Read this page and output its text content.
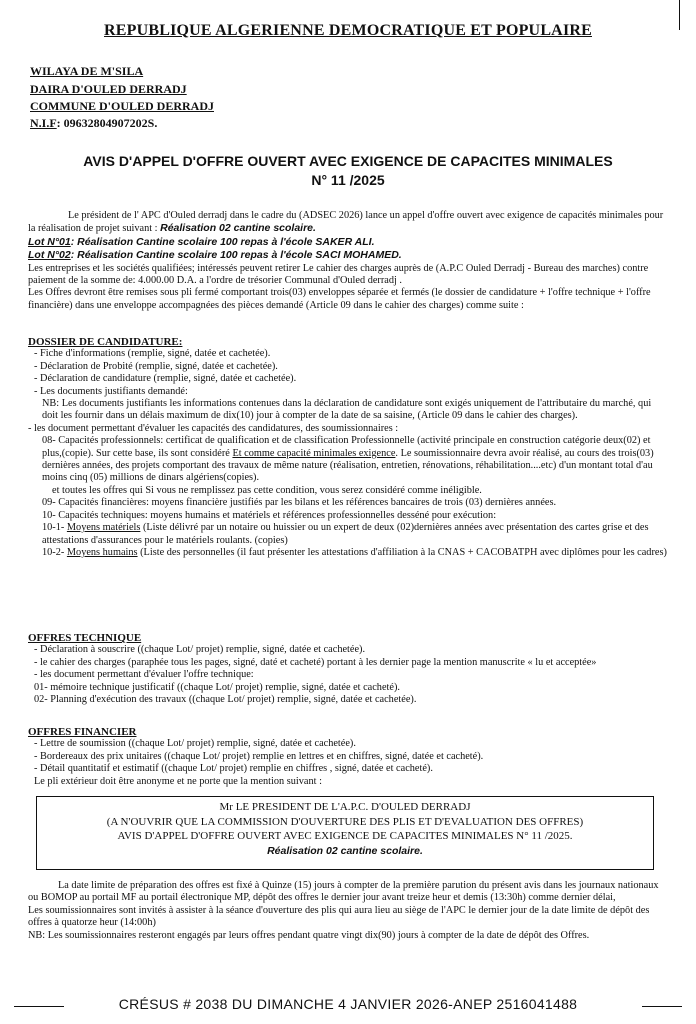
REPUBLIQUE ALGERIENNE DEMOCRATIQUE ET POPULAIRE
WILAYA DE M'SILA
DAIRA D'OULED DERRADJ
COMMUNE D'OULED DERRADJ
N.I.F: 09632804907202S.
AVIS D'APPEL D'OFFRE OUVERT AVEC EXIGENCE DE CAPACITES MINIMALES
N° 11 /2025

Le président de l' APC d'Ouled derradj dans le cadre du (ADSEC 2026) lance un appel d'offre ouvert avec exigence de capacités minimales pour la réalisation de projet suivant : Réalisation 02 cantine scolaire.

Lot N°01: Réalisation Cantine scolaire 100 repas à l'école SAKER ALI.

Lot N°02: Réalisation Cantine scolaire 100 repas à l'école SACI MOHAMED.

Les entreprises et les sociétés qualifiées; intéressés peuvent retirer Le cahier des charges auprès de (A.P.C Ouled Derradj - Bureau des marches) contre paiement de la somme de: 4.000.00 D.A. a l'ordre de trésorier Communal d'Ouled derradj .

Les Offres devront être remises sous pli fermé comportant trois(03) enveloppes séparée et fermés (le dossier de candidature + l'offre technique + l'offre financière) dans une enveloppe accompagnées des pièces demandé (Article 09 dans le cahier des charges) comme suite :

DOSSIER DE CANDIDATURE:

- Fiche d'informations (remplie, signé, datée et cachetée).

- Déclaration de Probité (remplie, signé, datée et cachetée).

- Déclaration de candidature (remplie, signé, datée et cachetée).

- Les documents justifiants demandé:

NB: Les documents justifiants les informations contenues dans la déclaration de candidature sont exigés uniquement de l'attributaire du marché, qui doit les fournir dans un délais maximum de dix(10) jour à compter de la date de sa saisine, (Article 09 dans le cahier des charges).

- les document permettant d'évaluer les capacités des candidatures, des soumissionnaires :

08- Capacités professionnels: certificat de qualification et de classification Professionnelle (activité principale en construction catégorie deux(02) et plus,(copie). Sur cette base, ils sont considéré Et comme capacité minimales exigence. Le soumissionnaire devra avoir réalisé, au cours des trois(03) dernières années, des projets comportant des travaux de même nature (réalisation, entretien, rénovations, réhabilitation....etc) d'un montant total d'au moins cinq (05) millions de dinars algériens(copies).

et toutes les offres qui Si vous ne remplissez pas cette condition, vous serez considéré comme inéligible.

09- Capacités financières: moyens financière justifiés par les bilans et les références bancaires de trois (03) dernières années.

10- Capacités techniques: moyens humains et matériels et références professionnelles desséné pour exécution:

10-1- Moyens matériels (Liste délivré par un notaire ou huissier ou un expert de deux (02)dernières années avec présentation des cartes grise et des attestations d'assurances pour le matériels roulants. (copies)

10-2- Moyens humains (Liste des personnelles (il faut présenter les attestations d'affiliation à la CNAS + CACOBATPH avec diplômes pour les cadres)

OFFRES TECHNIQUE

- Déclaration à souscrire ((chaque Lot/ projet) remplie, signé, datée et cachetée).

- le cahier des charges (paraphée tous les pages, signé, daté et cacheté) portant à les dernier page la mention manuscrite « lu et acceptée»

- les document permettant d'évaluer l'offre technique:

01- mémoire technique justificatif ((chaque Lot/ projet) remplie, signé, datée et cacheté).

02- Planning d'exécution des travaux ((chaque Lot/ projet) remplie, signé, datée et cachetée).

OFFRES FINANCIER

- Lettre de soumission ((chaque Lot/ projet) remplie, signé, datée et cachetée).

- Bordereaux des prix unitaires ((chaque Lot/ projet) remplie en lettres et en chiffres, signé, datée et cacheté).

- Détail quantitatif et estimatif ((chaque Lot/ projet) remplie en chiffres , signé, datée et cacheté).

Le pli extérieur doit être anonyme et ne porte que la mention suivant :

Mr LE PRESIDENT DE L'A.P.C. D'OULED DERRADJ
(A N'OUVRIR QUE LA COMMISSION D'OUVERTURE DES PLIS ET D'EVALUATION DES OFFRES)
AVIS D'APPEL D'OFFRE OUVERT AVEC EXIGENCE DE CAPACITES MINIMALES N° 11 /2025.
Réalisation 02 cantine scolaire.

La date limite de préparation des offres est fixé à Quinze (15) jours à compter de la première parution du présent avis dans les journaux nationaux ou BOMOP au portail MF au portail électronique MP, dépôt des offres le dernier jour avant treize heur et demis (13:30h) comme dernier délai,

Les soumissionnaires sont invités à assister à la séance d'ouverture des plis qui aura lieu au siège de l'APC le dernier jour de la date limite de dépôt des offres à quatorze heur (14:00h)

NB: Les soumissionnaires resteront engagés par leurs offres pendant quatre vingt dix(90) jours à compter de la date de dépôt des Offres.

CRÉSUS # 2038 DU DIMANCHE 4 JANVIER 2026-ANEP 2516041488
